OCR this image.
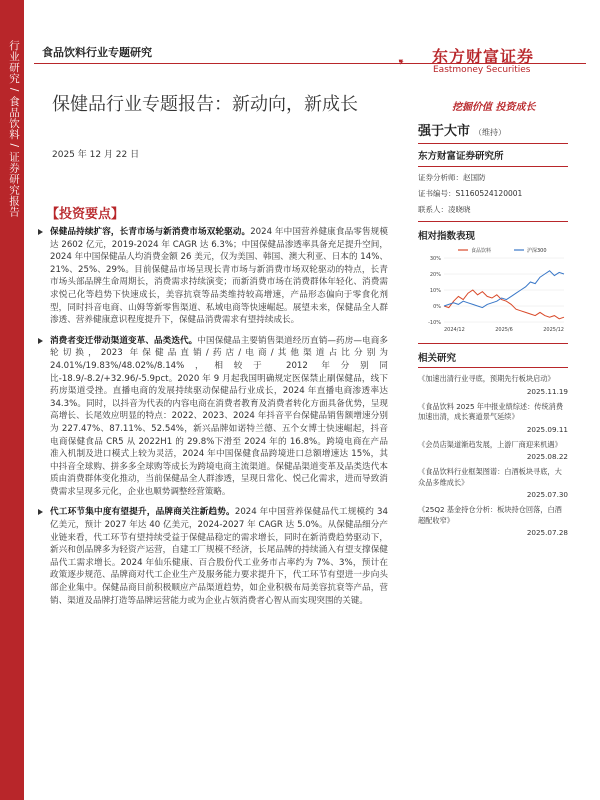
行业研究 / 食品饮料 / 证券研究报告 食品饮料行业专题研究	东方财富证券
Eastmoney Securities
保健品行业专题报告：新动向，新成长	挖掘价值 投资成长
2025 年 12 月 22 日
【投资要点】
保健品持续扩容，长青市场与新消费市场双轮驱动。2024 年中国营养健康食品零售规模达 2602 亿元，2019-2024 年 CAGR 达 6.3%；中国保健品渗透率具备充足提升空间，2024 年中国保健品人均消费金额 26 美元，仅为美国、韩国、澳大利亚、日本的 14%、21%、25%、29%。目前保健品市场呈现长青市场与新消费市场双轮驱动的特点，长青市场头部品牌生命周期长，消费需求持续演变；而新消费市场在消费群体年轻化、消费需求悦己化等趋势下快速成长，美容抗衰等品类维持较高增速，产品形态偏向于零食化剂型，同时抖音电商、山姆等新零售渠道、私域电商等快速崛起。展望未来，保健品全人群渗透、营养健康意识程度提升下，保健品消费需求有望持续成长。
消费者变迁带动渠道变革、品类迭代。中国保健品主要销售渠道经历直销—药房—电商多轮切换，2023 年保健品直销/药店/电商/其他渠道占比分别为 24.01%/19.83%/48.02%/8.14%，相较于 2012 年分别同比-18.9/-8.2/+32.96/-5.9pct。2020 年 9 月起我国明确规定医保禁止刷保健品，线下药房渠道受挫。直播电商的发展持续驱动保健品行业成长，2024 年直播电商渗透率达 34.3%。同时，以抖音为代表的内容电商在消费者教育及消费者转化方面具备优势，呈现高增长、长尾效应明显的特点：2022、2023、2024 年抖音平台保健品销售额增速分别为 227.47%、87.11%、52.54%，新兴品牌如诺特兰德、五个女博士快速崛起，抖音电商保健食品 CR5 从 2022H1 的 29.8%下滑至 2024 年的 16.8%。跨境电商在产品准入机制及进口模式上较为灵活，2024 年中国保健食品跨境进口总额增速达 15%，其中抖音全球购、拼多多全球购等成长为跨境电商主流渠道。保健品渠道变革及品类迭代本质由消费群体变化推动，当前保健品全人群渗透，呈现日常化、悦己化需求，进而导致消费需求呈现多元化，企业也顺势调整经营策略。
代工环节集中度有望提升，品牌商关注新趋势。2024 年中国营养保健品代工规模约 34 亿美元，预计 2027 年达 40 亿美元，2024-2027 年 CAGR 达 5.0%。从保健品细分产业链来看，代工环节有望持续受益于保健品稳定的需求增长，同时在新消费趋势驱动下，新兴和创品牌多为轻资产运营，自建工厂规模不经济，长尾品牌的持续涌入有望支撑保健品代工需求增长。2024 年仙乐健康、百合股份代工业务市占率约为 7%、3%，预计在政策逐步规范、品牌商对代工企业生产及服务能力要求提升下，代工环节有望进一步向头部企业集中。保健品商目前积极顺应产品渠道趋势，如企业积极布局美容抗衰等产品，营销、渠道及品牌打造等品牌运营能力或为企业占领消费者心智从而实现突围的关键。
强于大市 （维持）
东方财富证券研究所
证券分析师：赵国防
证书编号：S1160524120001
联系人：凌晓晓
相对指数表现
30%
20%
10%
0%
-10%
2024/12	2025/6	2025/12
食品饮料	沪深300
相关研究
《加速出清行业寻底，预期先行板块启动》
2025.11.19
《食品饮料 2025 年中报业绩综述：传统消费加速出清，成长赛道景气延续》
2025.09.11
《会员店渠道渐趋发展，上游厂商迎来机遇》
2025.08.22
《食品饮料行业框架图谱：白酒板块寻底，大众品多维成长》
2025.07.30
《25Q2 基金持仓分析：板块持仓回落，白酒超配收窄》
2025.07.28
